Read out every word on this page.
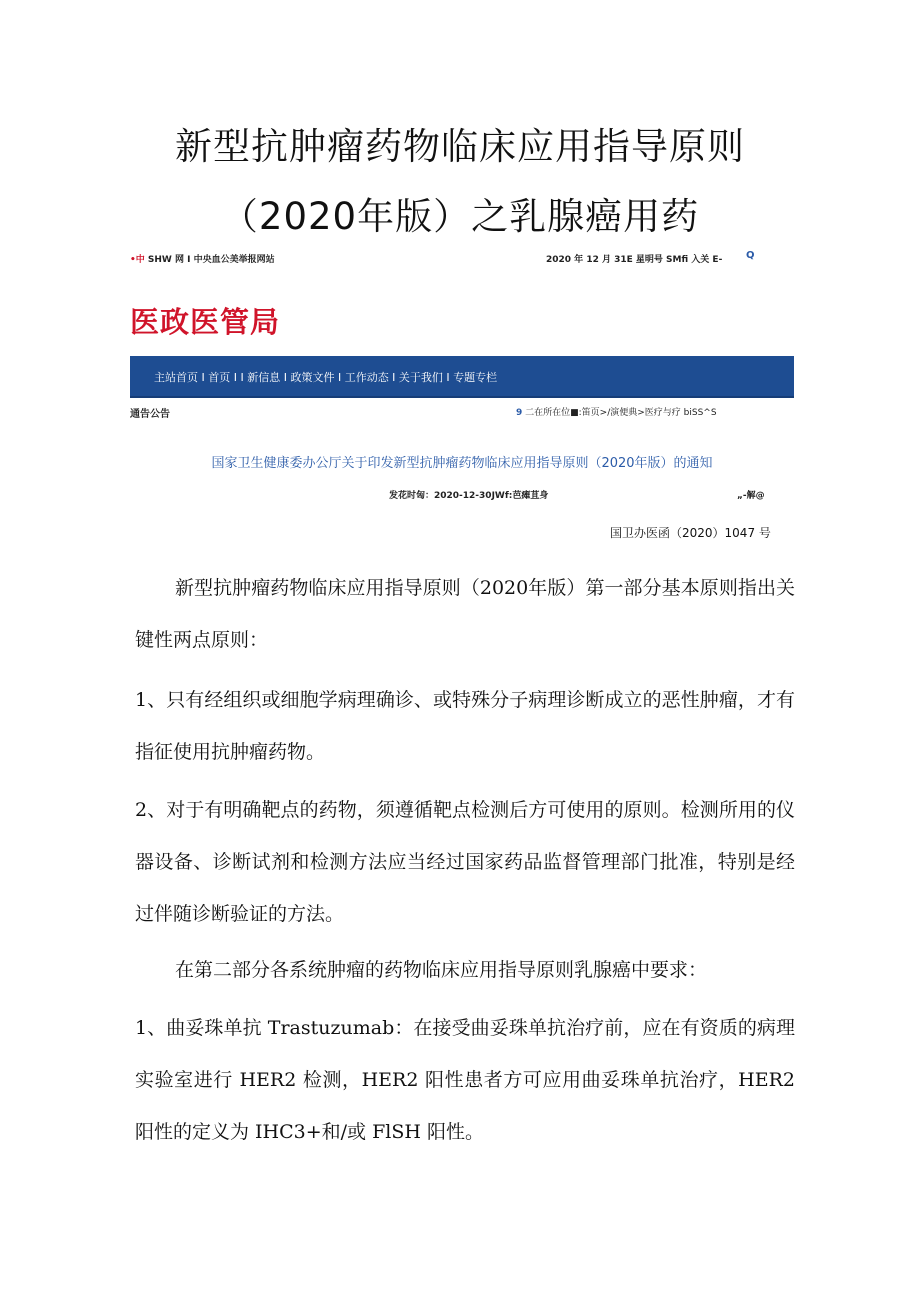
新型抗肿瘤药物临床应用指导原则
（2020年版）之乳腺癌用药
•中 SHW 网 I 中央血公美举报网站	2020 年 12 月 31E 星明号 SMfi 入关 E- Q
医政医管局
主站首页 I 首页 I I 新信息 I 政策文件 I 工作动态 I 关于我们 I 专题专栏
通告公告	9 二在所在位■:笛页>/演便典>医疗与疗 biSS^S
国家卫生健康委办公厅关于印发新型抗肿瘤药物临床应用指导原则（2020年版）的通知
发花时匈：2020-12-30JWf:芭瘫苴身	„-解@
国卫办医函（2020）1047 号
新型抗肿瘤药物临床应用指导原则（2020年版）第一部分基本原则指出关键性两点原则：
1、只有经组织或细胞学病理确诊、或特殊分子病理诊断成立的恶性肿瘤，才有指征使用抗肿瘤药物。
2、对于有明确靶点的药物，须遵循靶点检测后方可使用的原则。检测所用的仪器设备、诊断试剂和检测方法应当经过国家药品监督管理部门批准，特别是经过伴随诊断验证的方法。
在第二部分各系统肿瘤的药物临床应用指导原则乳腺癌中要求：
1、曲妥珠单抗 Trastuzumab：在接受曲妥珠单抗治疗前，应在有资质的病理实验室进行 HER2 检测，HER2 阳性患者方可应用曲妥珠单抗治疗，HER2阳性的定义为 IHC3+和/或 FlSH 阳性。
